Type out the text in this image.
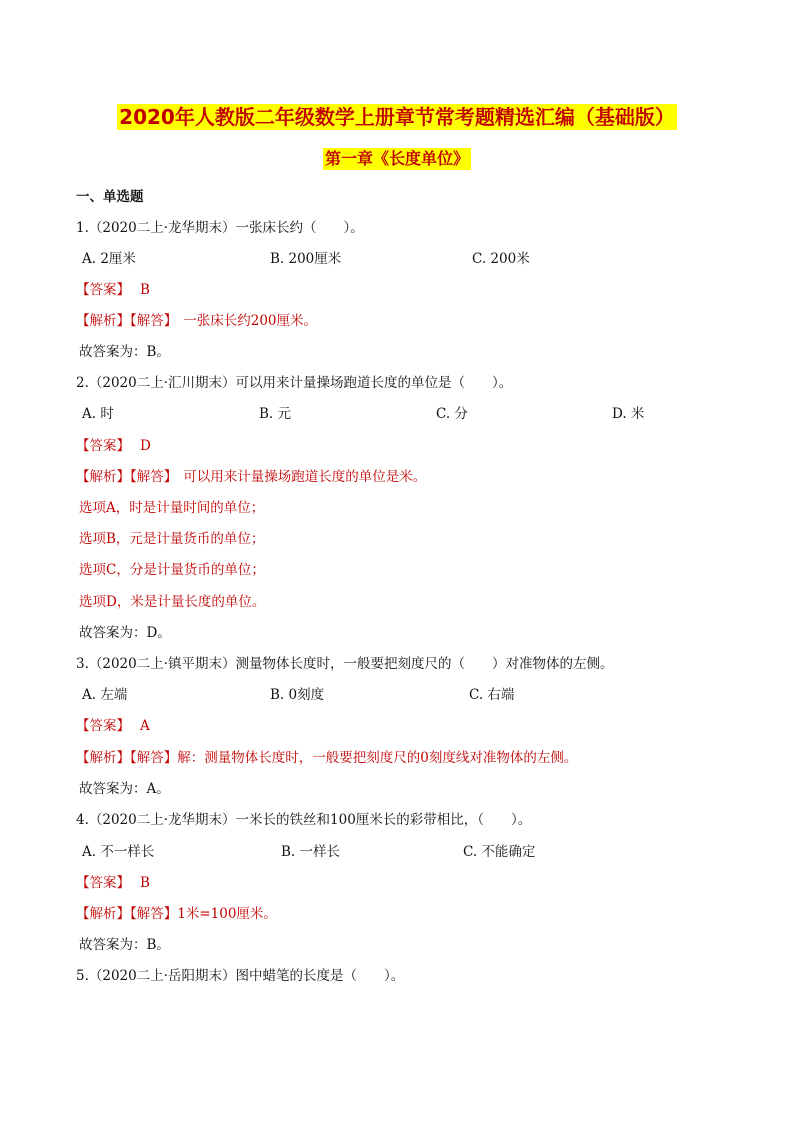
2020年人教版二年级数学上册章节常考题精选汇编（基础版）
第一章《长度单位》
一、单选题
1.（2020二上·龙华期末）一张床长约（　　）。
A. 2厘米	B. 200厘米	C. 200米
【答案】 B
【解析】【解答】 一张床长约200厘米。
故答案为：B。
2.（2020二上·汇川期末）可以用来计量操场跑道长度的单位是（　　）。
A. 时	B. 元	C. 分	D. 米
【答案】 D
【解析】【解答】 可以用来计量操场跑道长度的单位是米。
选项A，时是计量时间的单位；
选项B，元是计量货币的单位；
选项C，分是计量货币的单位；
选项D，米是计量长度的单位。
故答案为：D。
3.（2020二上·镇平期末）测量物体长度时，一般要把刻度尺的（　　）对准物体的左侧。
A. 左端	B. 0刻度	C. 右端
【答案】 A
【解析】【解答】解：测量物体长度时，一般要把刻度尺的0刻度线对准物体的左侧。
故答案为：A。
4.（2020二上·龙华期末）一米长的铁丝和100厘米长的彩带相比，（　　）。
A. 不一样长	B. 一样长	C. 不能确定
【答案】 B
【解析】【解答】1米=100厘米。
故答案为：B。
5.（2020二上·岳阳期末）图中蜡笔的长度是（　　）。
